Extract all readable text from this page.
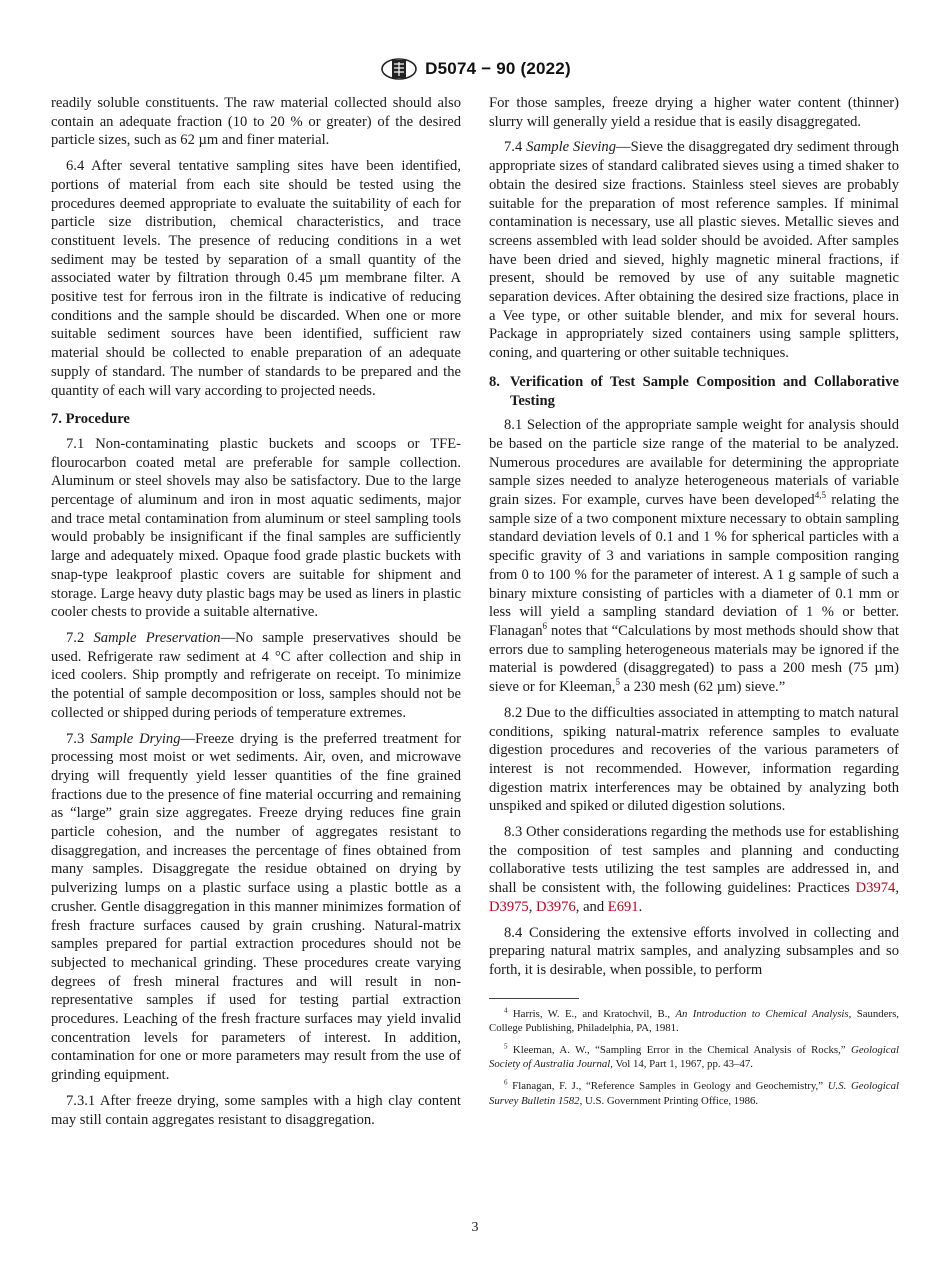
D5074 − 90 (2022)

readily soluble constituents. The raw material collected should also contain an adequate fraction (10 to 20 % or greater) of the desired particle sizes, such as 62 µm and finer material.

6.4 After several tentative sampling sites have been identified, portions of material from each site should be tested using the procedures deemed appropriate to evaluate the suitability of each for particle size distribution, chemical characteristics, and trace constituent levels. The presence of reducing conditions in a wet sediment may be tested by separation of a small quantity of the associated water by filtration through 0.45 µm membrane filter. A positive test for ferrous iron in the filtrate is indicative of reducing conditions and the sample should be discarded. When one or more suitable sediment sources have been identified, sufficient raw material should be collected to enable preparation of an adequate supply of standard. The number of standards to be prepared and the quantity of each will vary according to projected needs.

7. Procedure

7.1 Non-contaminating plastic buckets and scoops or TFE-flourocarbon coated metal are preferable for sample collection. Aluminum or steel shovels may also be satisfactory. Due to the large percentage of aluminum and iron in most aquatic sediments, major and trace metal contamination from aluminum or steel sampling tools would probably be insignificant if the final samples are sufficiently large and adequately mixed. Opaque food grade plastic buckets with snap-type leakproof plastic covers are suitable for shipment and storage. Large heavy duty plastic bags may be used as liners in plastic cooler chests to provide a suitable alternative.

7.2 Sample Preservation—No sample preservatives should be used. Refrigerate raw sediment at 4 °C after collection and ship in iced coolers. Ship promptly and refrigerate on receipt. To minimize the potential of sample decomposition or loss, samples should not be collected or shipped during periods of temperature extremes.

7.3 Sample Drying—Freeze drying is the preferred treatment for processing most moist or wet sediments. Air, oven, and microwave drying will frequently yield lesser quantities of the fine grained fractions due to the presence of fine material occurring and remaining as “large” grain size aggregates. Freeze drying reduces fine grain particle cohesion, and the number of aggregates resistant to disaggregation, and increases the percentage of fines obtained from many samples. Disaggregate the residue obtained on drying by pulverizing lumps on a plastic surface using a plastic bottle as a crusher. Gentle disaggregation in this manner minimizes formation of fresh fracture surfaces caused by grain crushing. Natural-matrix samples prepared for partial extraction procedures should not be subjected to mechanical grinding. These procedures create varying degrees of fresh mineral fractures and will result in non-representative samples if used for testing partial extraction procedures. Leaching of the fresh fracture surfaces may yield invalid concentration levels for parameters of interest. In addition, contamination for one or more parameters may result from the use of grinding equipment.

7.3.1 After freeze drying, some samples with a high clay content may still contain aggregates resistant to disaggregation.

For those samples, freeze drying a higher water content (thinner) slurry will generally yield a residue that is easily disaggregated.

7.4 Sample Sieving—Sieve the disaggregated dry sediment through appropriate sizes of standard calibrated sieves using a timed shaker to obtain the desired size fractions. Stainless steel sieves are probably suitable for the preparation of most reference samples. If minimal contamination is necessary, use all plastic sieves. Metallic sieves and screens assembled with lead solder should be avoided. After samples have been dried and sieved, highly magnetic mineral fractions, if present, should be removed by use of any suitable magnetic separation devices. After obtaining the desired size fractions, place in a Vee type, or other suitable blender, and mix for several hours. Package in appropriately sized containers using sample splitters, coning, and quartering or other suitable techniques.

8. Verification of Test Sample Composition and Collaborative Testing

8.1 Selection of the appropriate sample weight for analysis should be based on the particle size range of the material to be analyzed. Numerous procedures are available for determining the appropriate sample sizes needed to analyze heterogeneous materials of variable grain sizes. For example, curves have been developed$^{4,5}$ relating the sample size of a two component mixture necessary to obtain sampling standard deviation levels of 0.1 and 1 % for spherical particles with a specific gravity of 3 and variations in sample composition ranging from 0 to 100 % for the parameter of interest. A 1 g sample of such a binary mixture consisting of particles with a diameter of 0.1 mm or less will yield a sampling standard deviation of 1 % or better. Flanagan$^6$ notes that “Calculations by most methods should show that errors due to sampling heterogeneous materials may be ignored if the material is powdered (disaggregated) to pass a 200 mesh (75 µm) sieve or for Kleeman,$^5$ a 230 mesh (62 µm) sieve.”

8.2 Due to the difficulties associated in attempting to match natural conditions, spiking natural-matrix reference samples to evaluate digestion procedures and recoveries of the various parameters of interest is not recommended. However, information regarding digestion matrix interferences may be obtained by analyzing both unspiked and spiked or diluted digestion solutions.

8.3 Other considerations regarding the methods use for establishing the composition of test samples and planning and conducting collaborative tests utilizing the test samples are addressed in, and shall be consistent with, the following guidelines: Practices D3974, D3975, D3976, and E691.

8.4 Considering the extensive efforts involved in collecting and preparing natural matrix samples, and analyzing subsamples and so forth, it is desirable, when possible, to perform

$^4$ Harris, W. E., and Kratochvil, B., An Introduction to Chemical Analysis, Saunders, College Publishing, Philadelphia, PA, 1981.

$^5$ Kleeman, A. W., “Sampling Error in the Chemical Analysis of Rocks,” Geological Society of Australia Journal, Vol 14, Part 1, 1967, pp. 43–47.

$^6$ Flanagan, F. J., “Reference Samples in Geology and Geochemistry,” U.S. Geological Survey Bulletin 1582, U.S. Government Printing Office, 1986.

3
